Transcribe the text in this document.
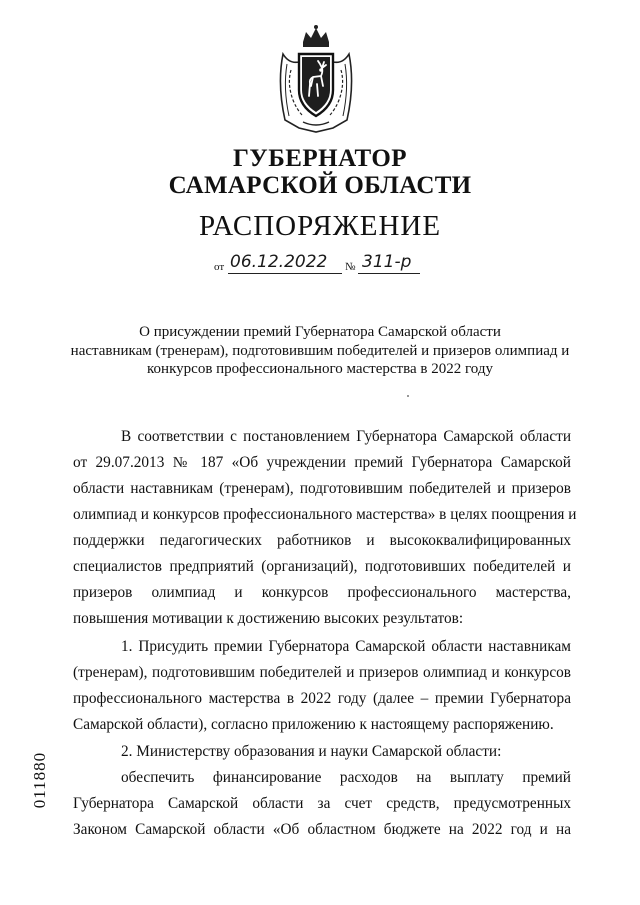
ГУБЕРНАТОР
САМАРСКОЙ ОБЛАСТИ
РАСПОРЯЖЕНИЕ
от 06.12.2022 № 311-р
О присуждении премий Губернатора Самарской области
наставникам (тренерам), подготовившим победителей и призеров олимпиад и
конкурсов профессионального мастерства в 2022 году
В соответствии с постановлением Губернатора Самарской области
от 29.07.2013 № 187 «Об учреждении премий Губернатора Самарской
области наставникам (тренерам), подготовившим победителей и призеров
олимпиад и конкурсов профессионального мастерства» в целях поощрения и
поддержки педагогических работников и высококвалифицированных
специалистов предприятий (организаций), подготовивших победителей и
призеров олимпиад и конкурсов профессионального мастерства,
повышения мотивации к достижению высоких результатов:
1. Присудить премии Губернатора Самарской области наставникам
(тренерам), подготовившим победителей и призеров олимпиад и конкурсов
профессионального мастерства в 2022 году (далее – премии Губернатора
Самарской области), согласно приложению к настоящему распоряжению.
2. Министерству образования и науки Самарской области:
обеспечить финансирование расходов на выплату премий
Губернатора Самарской области за счет средств, предусмотренных
Законом Самарской области «Об областном бюджете на 2022 год и на
011880
